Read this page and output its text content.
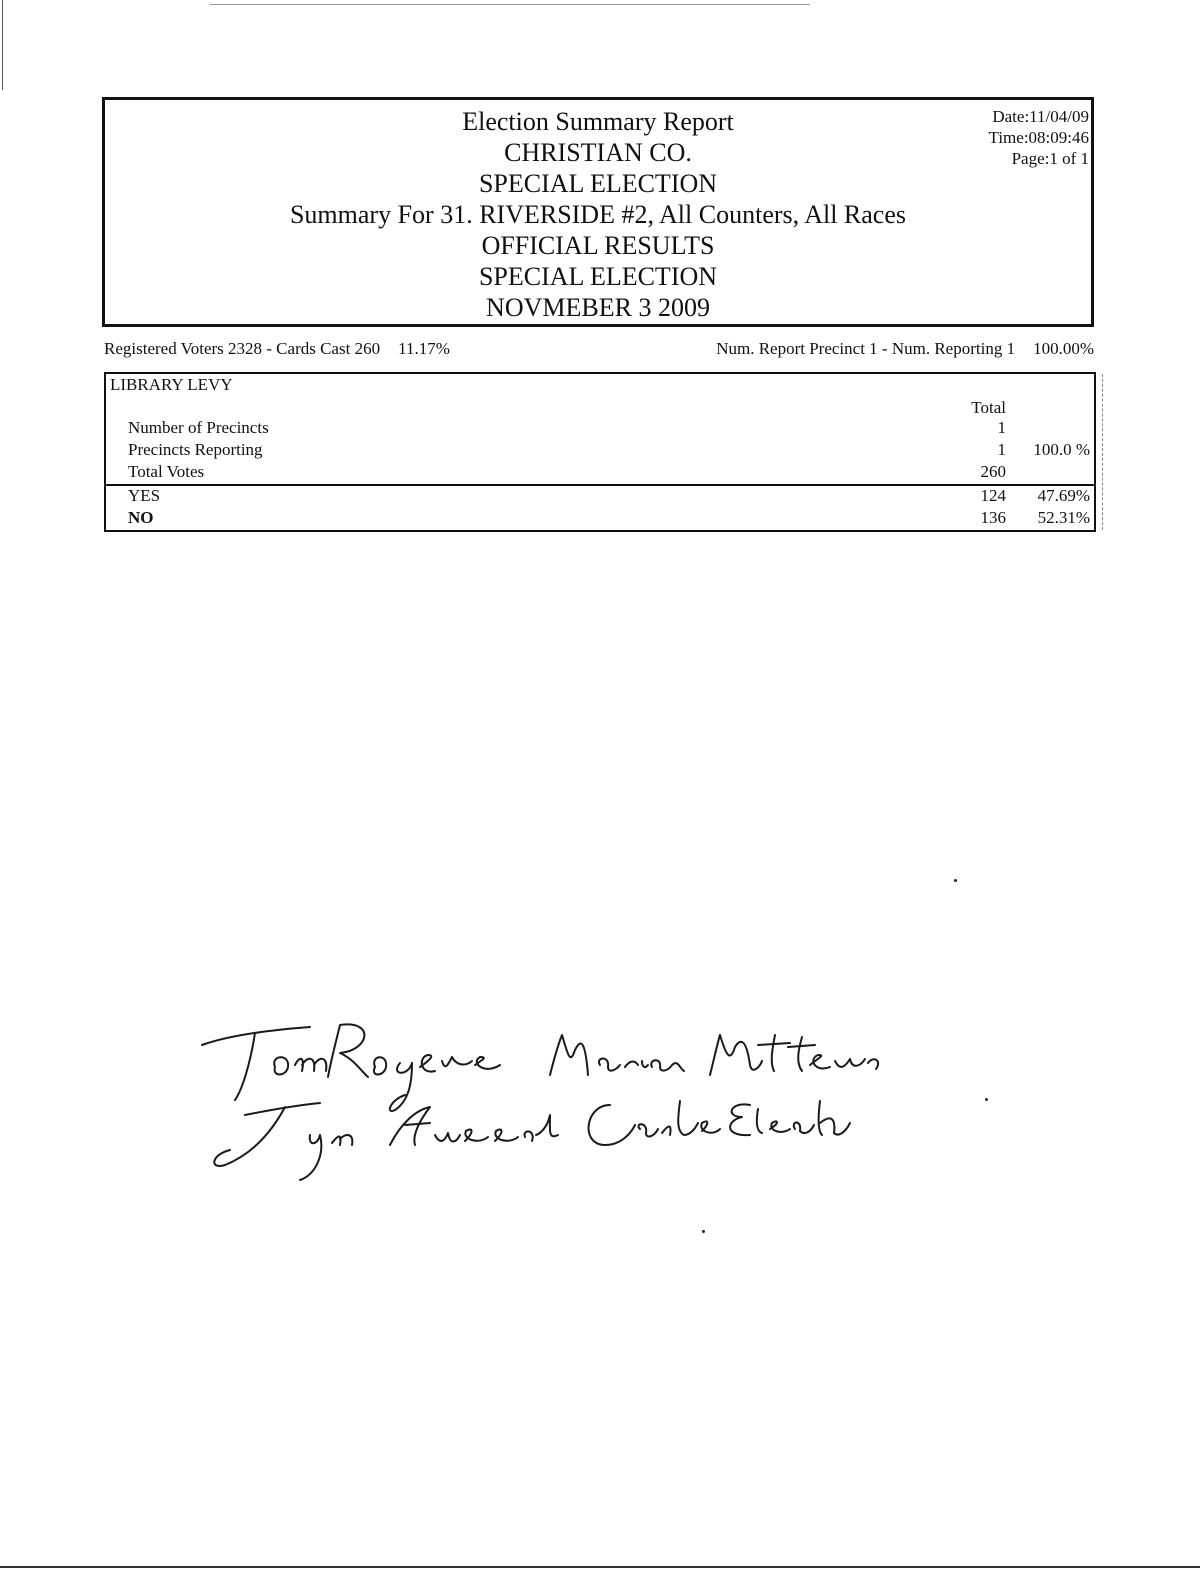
Election Summary Report
CHRISTIAN CO.
SPECIAL ELECTION
Summary For 31. RIVERSIDE #2, All Counters, All Races
OFFICIAL RESULTS
SPECIAL ELECTION
NOVMEBER 3 2009
Date:11/04/09
Time:08:09:46
Page:1 of 1
Registered Voters 2328 - Cards Cast 260 11.17%	Num. Report Precinct 1 - Num. Reporting 1 100.00%
LIBRARY LEVY
Total
Number of Precincts	1
Precincts Reporting	1	100.0 %
Total Votes	260
YES	124	47.69%
NO	136	52.31%
